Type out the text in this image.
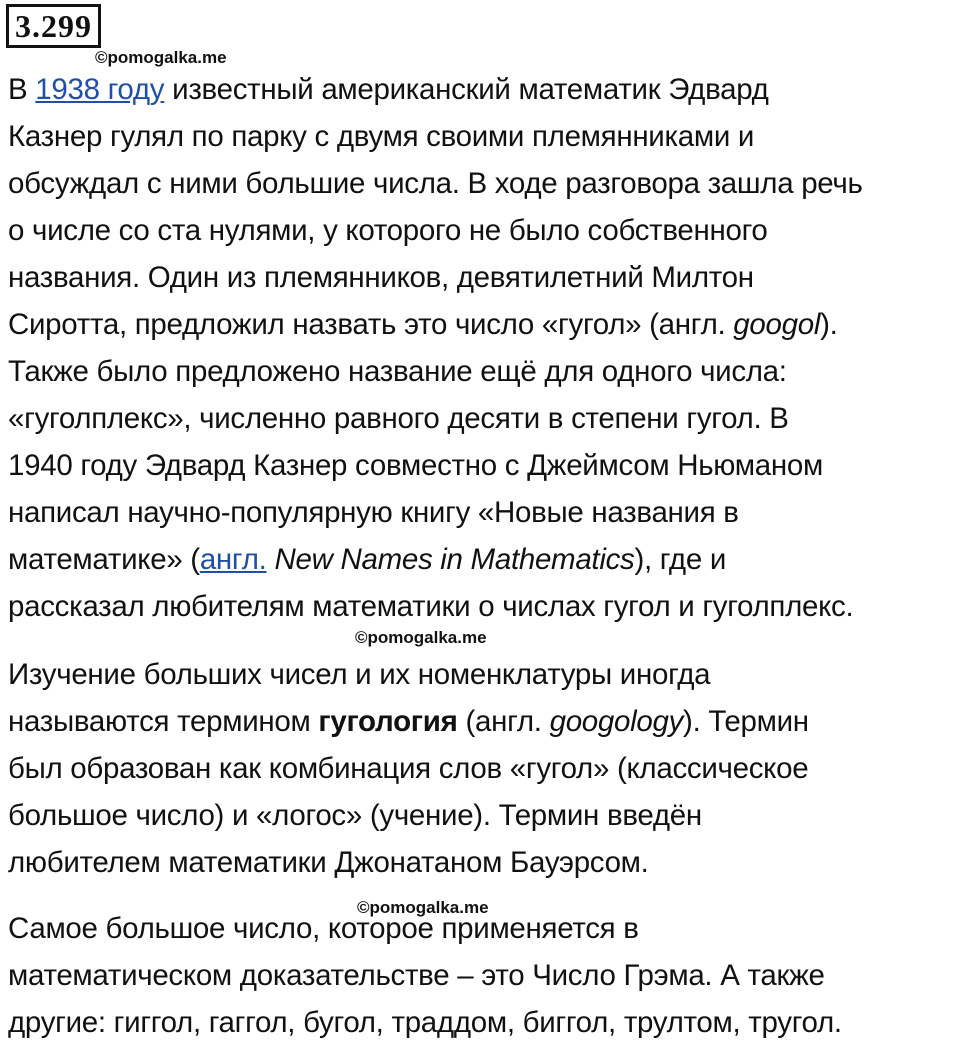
3.299
©pomogalka.me
В 1938 году известный американский математик Эдвард
Казнер гулял по парку с двумя своими племянниками и
обсуждал с ними большие числа. В ходе разговора зашла речь
о числе со ста нулями, у которого не было собственного
названия. Один из племянников, девятилетний Милтон
Сиротта, предложил назвать это число «гугол» (англ. googol).
Также было предложено название ещё для одного числа:
«гуголплекс», численно равного десяти в степени гугол. В
1940 году Эдвард Казнер совместно с Джеймсом Ньюманом
написал научно-популярную книгу «Новые названия в
математике» (англ. New Names in Mathematics), где и
рассказал любителям математики о числах гугол и гуголплекс.
©pomogalka.me
Изучение больших чисел и их номенклатуры иногда
называются термином гугология (англ. googology). Термин
был образован как комбинация слов «гугол» (классическое
большое число) и «логос» (учение). Термин введён
любителем математики Джонатаном Бауэрсом.
©pomogalka.me
Самое большое число, которое применяется в
математическом доказательстве – это Число Грэма. А также
другие: гиггол, гаггол, бугол, траддом, биггол, трултом, тругол.
